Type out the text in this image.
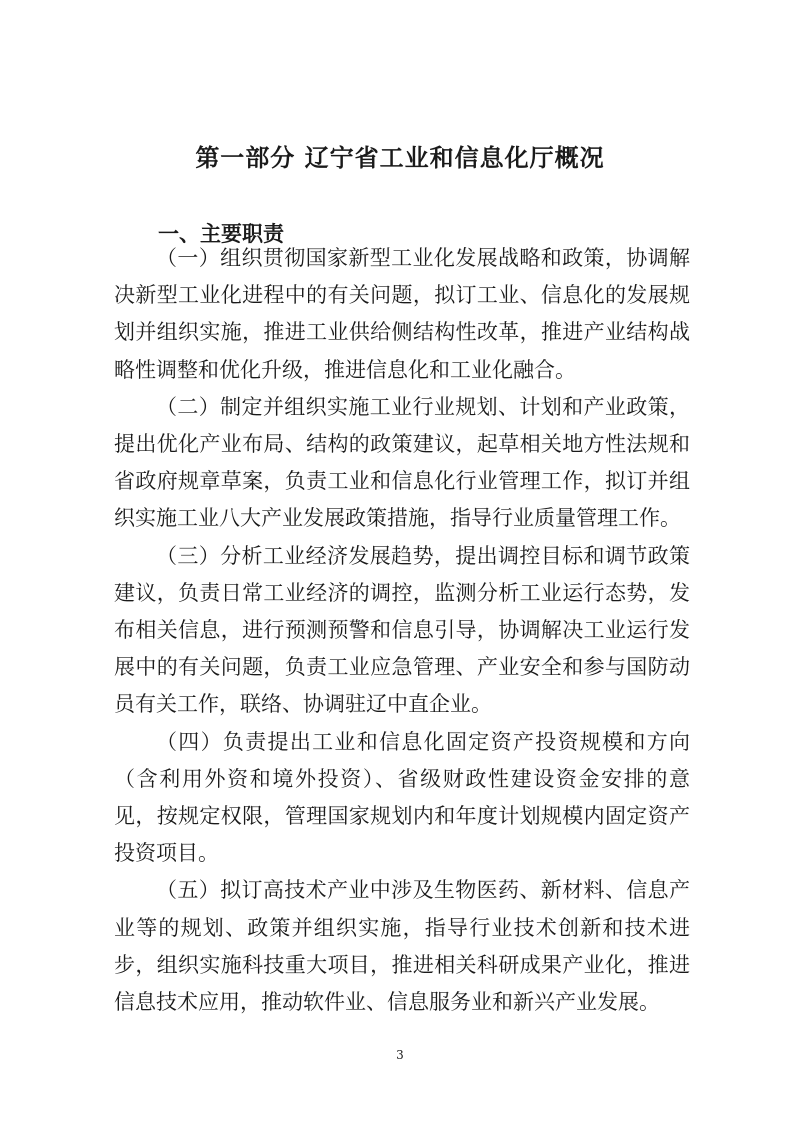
第一部分 辽宁省工业和信息化厅概况
一、主要职责

（一）组织贯彻国家新型工业化发展战略和政策，协调解决新型工业化进程中的有关问题，拟订工业、信息化的发展规划并组织实施，推进工业供给侧结构性改革，推进产业结构战略性调整和优化升级，推进信息化和工业化融合。

（二）制定并组织实施工业行业规划、计划和产业政策，提出优化产业布局、结构的政策建议，起草相关地方性法规和省政府规章草案，负责工业和信息化行业管理工作，拟订并组织实施工业八大产业发展政策措施，指导行业质量管理工作。

（三）分析工业经济发展趋势，提出调控目标和调节政策建议，负责日常工业经济的调控，监测分析工业运行态势，发布相关信息，进行预测预警和信息引导，协调解决工业运行发展中的有关问题，负责工业应急管理、产业安全和参与国防动员有关工作，联络、协调驻辽中直企业。

（四）负责提出工业和信息化固定资产投资规模和方向（含利用外资和境外投资）、省级财政性建设资金安排的意见，按规定权限，管理国家规划内和年度计划规模内固定资产投资项目。

（五）拟订高技术产业中涉及生物医药、新材料、信息产业等的规划、政策并组织实施，指导行业技术创新和技术进步，组织实施科技重大项目，推进相关科研成果产业化，推进信息技术应用，推动软件业、信息服务业和新兴产业发展。

3
